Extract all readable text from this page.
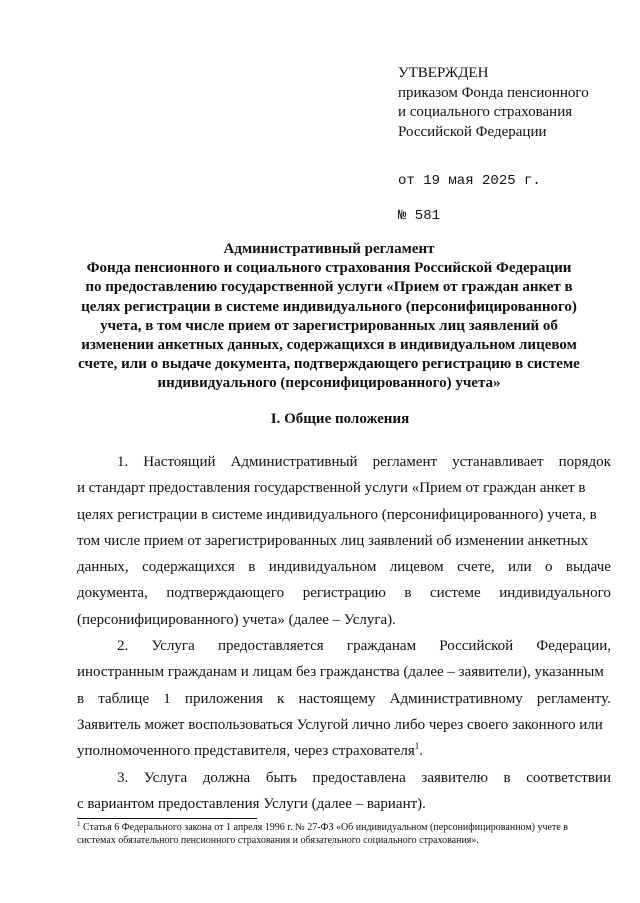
УТВЕРЖДЕН
приказом Фонда пенсионного
и социального страхования
Российской Федерации
от 19 мая 2025 г.
№ 581
Административный регламент
Фонда пенсионного и социального страхования Российской Федерации
по предоставлению государственной услуги «Прием от граждан анкет в
целях регистрации в системе индивидуального (персонифицированного)
учета, в том числе прием от зарегистрированных лиц заявлений об
изменении анкетных данных, содержащихся в индивидуальном лицевом
счете, или о выдаче документа, подтверждающего регистрацию в системе
индивидуального (персонифицированного) учета»
I. Общие положения
1. Настоящий Административный регламент устанавливает порядок
и стандарт предоставления государственной услуги «Прием от граждан анкет в
целях регистрации в системе индивидуального (персонифицированного) учета, в
том числе прием от зарегистрированных лиц заявлений об изменении анкетных
данных, содержащихся в индивидуальном лицевом счете, или о выдаче
документа, подтверждающего регистрацию в системе индивидуального
(персонифицированного) учета» (далее – Услуга).
2. Услуга предоставляется гражданам Российской Федерации,
иностранным гражданам и лицам без гражданства (далее – заявители), указанным
в таблице 1 приложения к настоящему Административному регламенту.
Заявитель может воспользоваться Услугой лично либо через своего законного или
уполномоченного представителя, через страхователя$^1$.
3. Услуга должна быть предоставлена заявителю в соответствии
с вариантом предоставления Услуги (далее – вариант).
$^1$ Статья 6 Федерального закона от 1 апреля 1996 г. № 27-ФЗ «Об индивидуальном (персонифицированном) учете в
системах обязательного пенсионного страхования и обязательного социального страхования».
